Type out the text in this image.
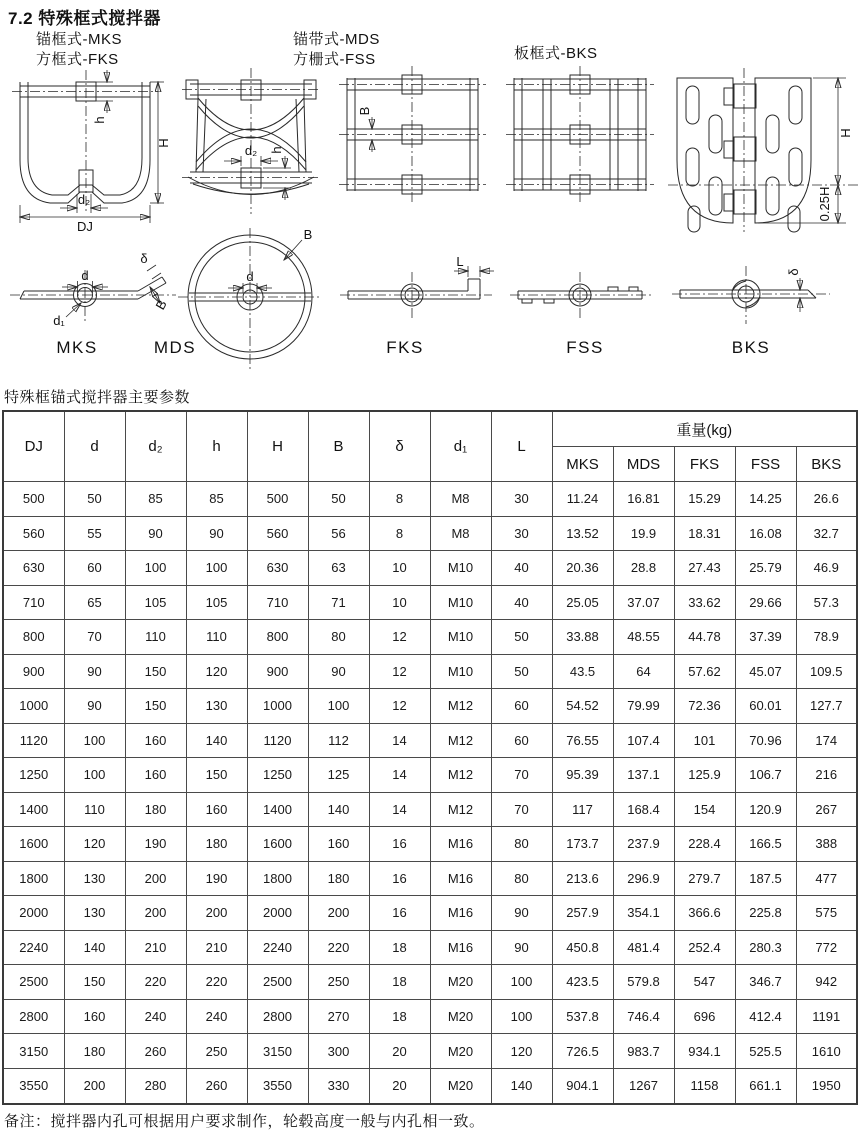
7.2 特殊框式搅拌器
锚框式-MKS
方框式-FKS
锚带式-MDS
方栅式-FSS	板框式-BKS
h
H
d₂
DJ
d₂ h
B
H
0.25H
d
d₁
δ
B
d
B
L
δ
MKS	MDS	FKS	FSS	BKS
特殊框锚式搅拌器主要参数
DJ	d	d₂	h	H	B	δ	d₁	L	重量(kg)				
									MKS	MDS	FKS	FSS	BKS
500	50	85	85	500	50	8	M8	30	11.24	16.81	15.29	14.25	26.6
560	55	90	90	560	56	8	M8	30	13.52	19.9	18.31	16.08	32.7
630	60	100	100	630	63	10	M10	40	20.36	28.8	27.43	25.79	46.9
710	65	105	105	710	71	10	M10	40	25.05	37.07	33.62	29.66	57.3
800	70	110	110	800	80	12	M10	50	33.88	48.55	44.78	37.39	78.9
900	90	150	120	900	90	12	M10	50	43.5	64	57.62	45.07	109.5
1000	90	150	130	1000	100	12	M12	60	54.52	79.99	72.36	60.01	127.7
1120	100	160	140	1120	112	14	M12	60	76.55	107.4	101	70.96	174
1250	100	160	150	1250	125	14	M12	70	95.39	137.1	125.9	106.7	216
1400	110	180	160	1400	140	14	M12	70	117	168.4	154	120.9	267
1600	120	190	180	1600	160	16	M16	80	173.7	237.9	228.4	166.5	388
1800	130	200	190	1800	180	16	M16	80	213.6	296.9	279.7	187.5	477
2000	130	200	200	2000	200	16	M16	90	257.9	354.1	366.6	225.8	575
2240	140	210	210	2240	220	18	M16	90	450.8	481.4	252.4	280.3	772
2500	150	220	220	2500	250	18	M20	100	423.5	579.8	547	346.7	942
2800	160	240	240	2800	270	18	M20	100	537.8	746.4	696	412.4	1191
3150	180	260	250	3150	300	20	M20	120	726.5	983.7	934.1	525.5	1610
3550	200	280	260	3550	330	20	M20	140	904.1	1267	1158	661.1	1950
备注：搅拌器内孔可根据用户要求制作，轮毂高度一般与内孔相一致。
